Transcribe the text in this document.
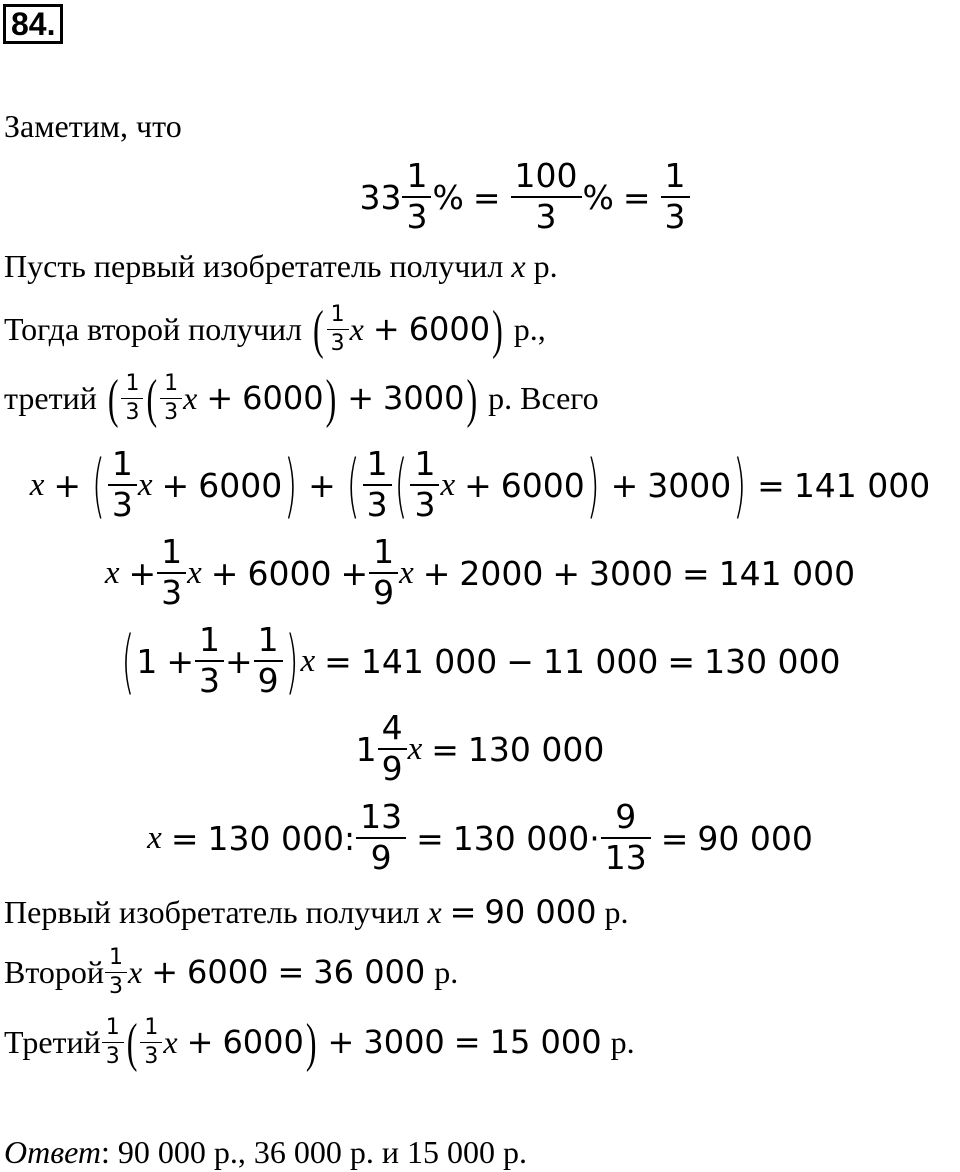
84.
Заметим, что
$33 \frac{1}{3}$ % = $\frac{100}{3}$ % = $\frac{1}{3}$
Пусть первый изобретатель получил x р.
Тогда второй получил ( $\frac{1}{3}$ x + 6000 ) р.,
третий ( $\frac{1}{3}$ ( $\frac{1}{3}$ x + 6000 ) + 3000 ) р. Всего
x + ( $\frac{1}{3}$ x + 6000 ) + ( $\frac{1}{3}$ ( $\frac{1}{3}$ x + 6000 ) + 3000 ) = 141 000
$x + \frac{1}{3}$ $x + 6000 + \frac{1}{9}$ x + 2000 + 3000 = 141 000
( $1 + \frac{1}{3} + \frac{1}{9}$ ) x = 141 000 − 11 000 = 130 000
$1 \frac{4}{9}$ x = 130 000
x = 130 000: $\frac{13}{9} = 130$ $000 \cdot \frac{9}{13} = 90$ 000
Первый изобретатель получил x = 90 000 р.
Второй $\frac{1}{3}$ x + 6000 = 36 000 р.
Третий $\frac{1}{3}$ ( $\frac{1}{3}$ x + 6000 ) + 3000 = 15 000 р.
Ответ: 90 000 р., 36 000 р. и 15 000 р.
